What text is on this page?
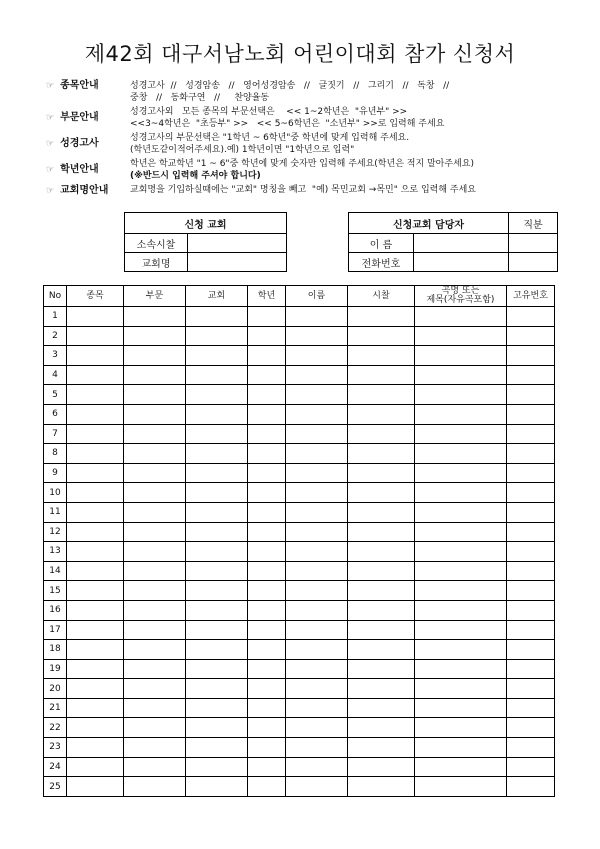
제42회 대구서남노회 어린이대회 참가 신청서
☞ 종목안내	성경고사  //   성경암송   //   영어성경암송   //   글짓기   //   그리기   //   독창   //
중창   //   동화구연   //     찬양율동
☞ 부문안내	성경고사외   모든 종목의 부문선택은    << 1~2학년은  "유년부" >>
<<3~4학년은  "초등부" >>   << 5~6학년은  "소년부" >>로 입력해 주세요
☞ 성경고사	성경고사의 부문선택은 "1학년 ~ 6학년"중 학년에 맞게 입력해 주세요.
(학년도같이적어주세요).예) 1학년이면 "1학년으로 입력"
☞ 학년안내	학년은 학교학년 "1 ~ 6"중 학년에 맞게 숫자만 입력해 주세요(학년은 적지 말아주세요)
(※반드시 입력해 주셔야 합니다)
☞ 교회명안내	교회명을 기입하실때에는 "교회" 명칭을 빼고  "예) 목민교회 →목민" 으로 입력해 주세요
신청 교회	
소속시찰	
교회명	
신청교회 담당자		직분
이 름		
전화번호		
No	종목	부문	교회	학년	이름	시찰	곡명 또는
제목(자유곡포함)	고유번호
1								
2								
3								
4								
5								
6								
7								
8								
9								
10								
11								
12								
13								
14								
15								
16								
17								
18								
19								
20								
21								
22								
23								
24								
25								
